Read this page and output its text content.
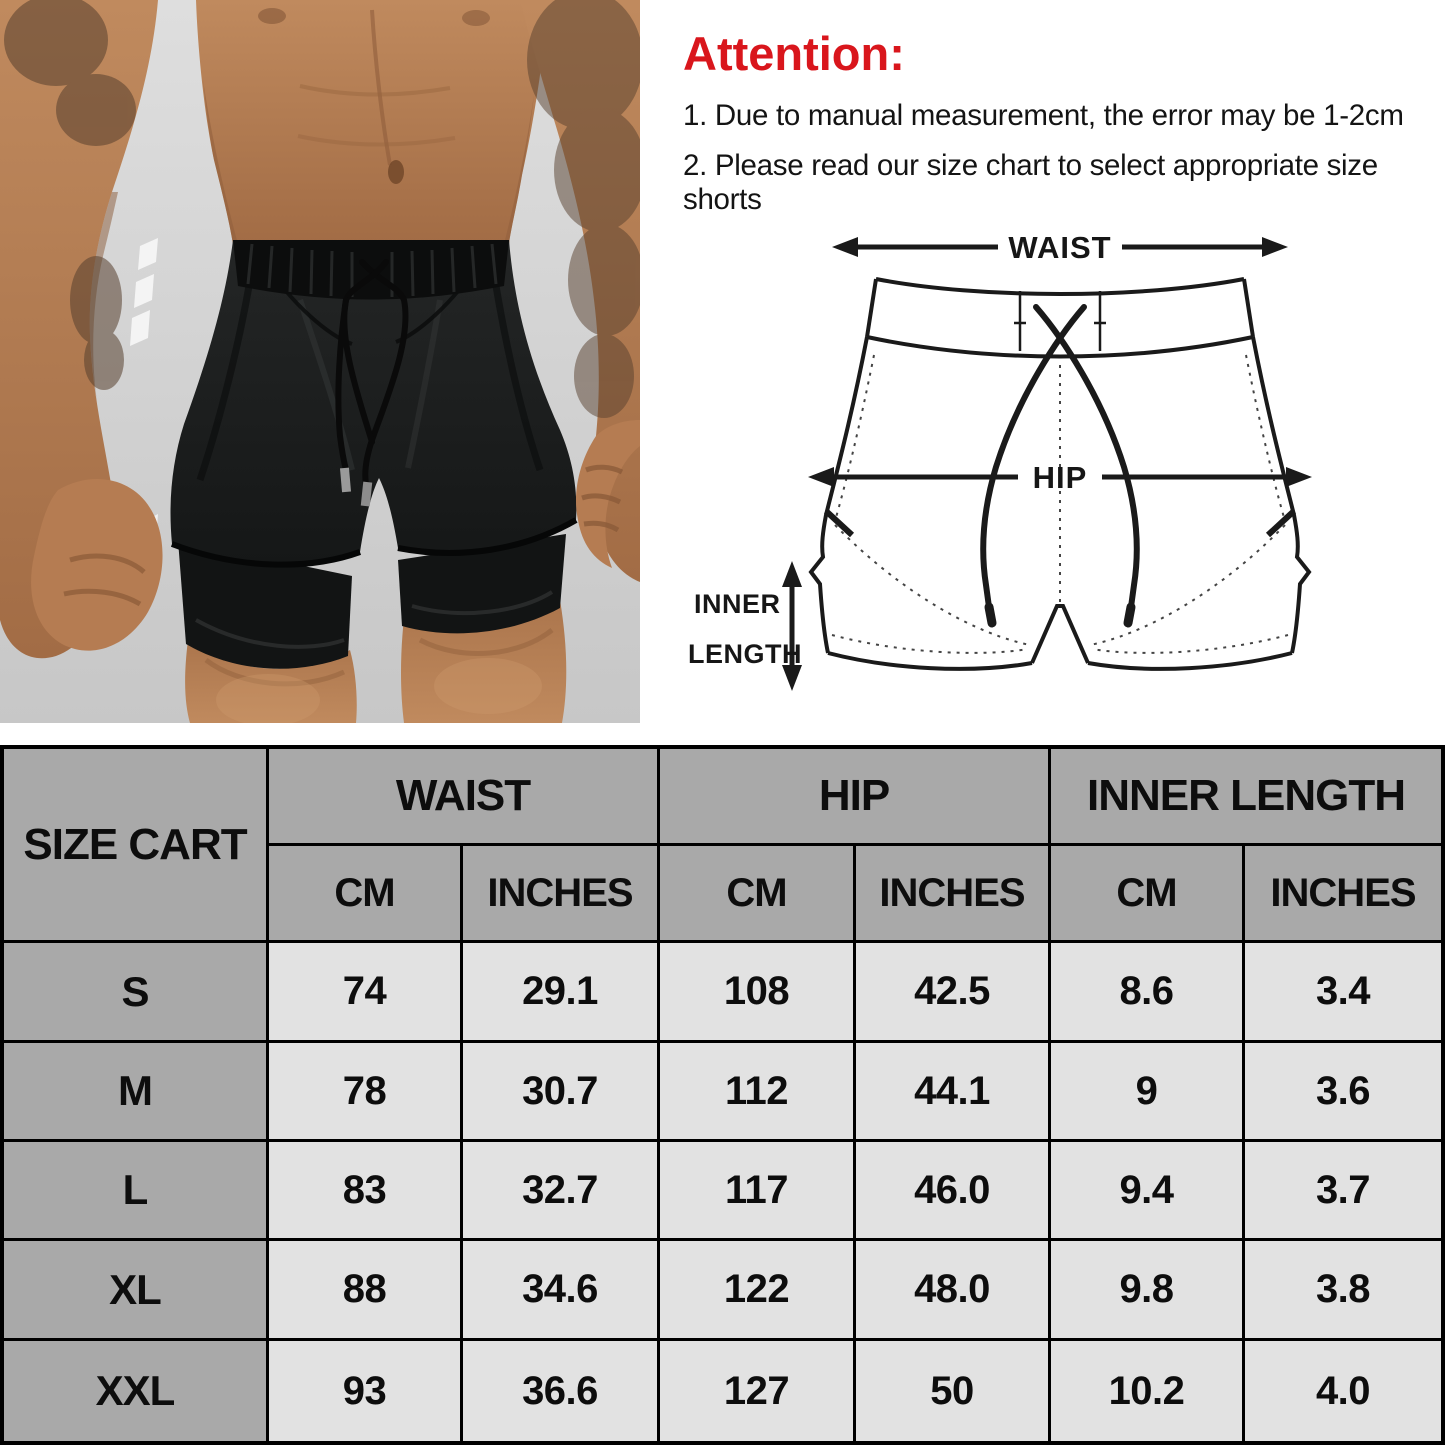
Attention:

1. Due to manual measurement, the error may be 1-2cm

2. Please read our size chart to select appropriate size shorts

WAIST
HIP
INNER
LENGTH
SIZE CART
WAIST	HIP	INNER LENGTH
CM	INCHES	CM	INCHES	CM	INCHES
S	74	29.1	108	42.5	8.6	3.4
M	78	30.7	112	44.1	9	3.6
L	83	32.7	117	46.0	9.4	3.7
XL	88	34.6	122	48.0	9.8	3.8
XXL	93	36.6	127	50	10.2	4.0
